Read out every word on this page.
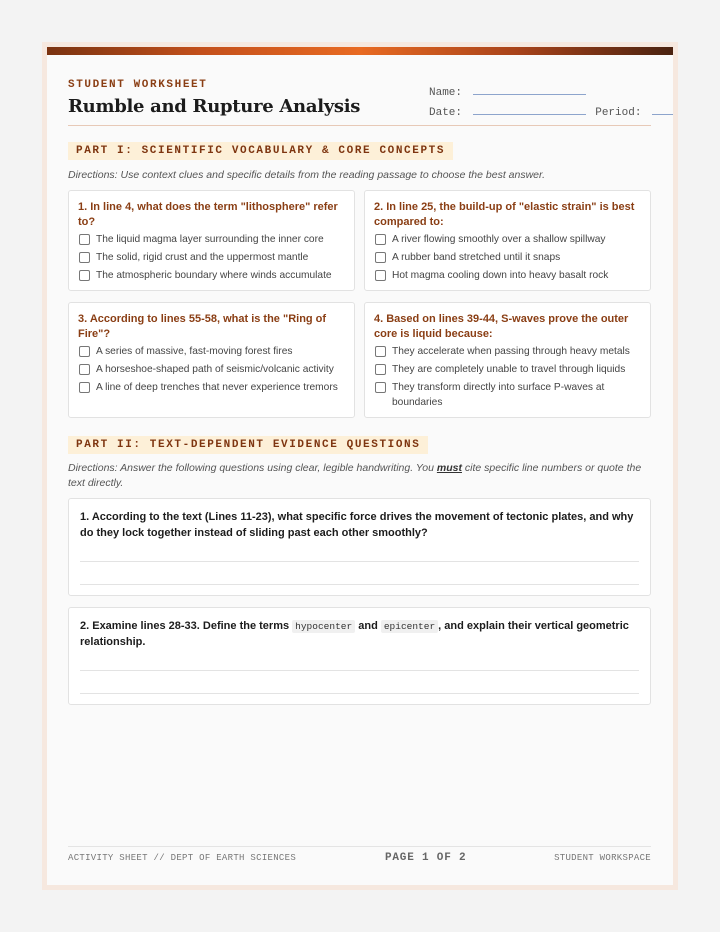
STUDENT WORKSHEET
Rumble and Rupture Analysis
Name:
Date:	Period:
PART I: SCIENTIFIC VOCABULARY & CORE CONCEPTS
Directions: Use context clues and specific details from the reading passage to choose the best answer.
1. In line 4, what does the term "lithosphere" refer to?
The liquid magma layer surrounding the inner core
The solid, rigid crust and the uppermost mantle
The atmospheric boundary where winds accumulate
2. In line 25, the build-up of "elastic strain" is best compared to:
A river flowing smoothly over a shallow spillway
A rubber band stretched until it snaps
Hot magma cooling down into heavy basalt rock
3. According to lines 55-58, what is the "Ring of Fire"?
A series of massive, fast-moving forest fires
A horseshoe-shaped path of seismic/volcanic activity
A line of deep trenches that never experience tremors
4. Based on lines 39-44, S-waves prove the outer core is liquid because:
They accelerate when passing through heavy metals
They are completely unable to travel through liquids
They transform directly into surface P-waves at boundaries
PART II: TEXT-DEPENDENT EVIDENCE QUESTIONS
Directions: Answer the following questions using clear, legible handwriting. You must cite specific line numbers or quote the text directly.
1. According to the text (Lines 11-23), what specific force drives the movement of tectonic plates, and why do they lock together instead of sliding past each other smoothly?
2. Examine lines 28-33. Define the terms hypocenter and epicenter , and explain their vertical geometric relationship.
ACTIVITY SHEET // DEPT OF EARTH SCIENCES	PAGE 1 OF 2	STUDENT WORKSPACE
